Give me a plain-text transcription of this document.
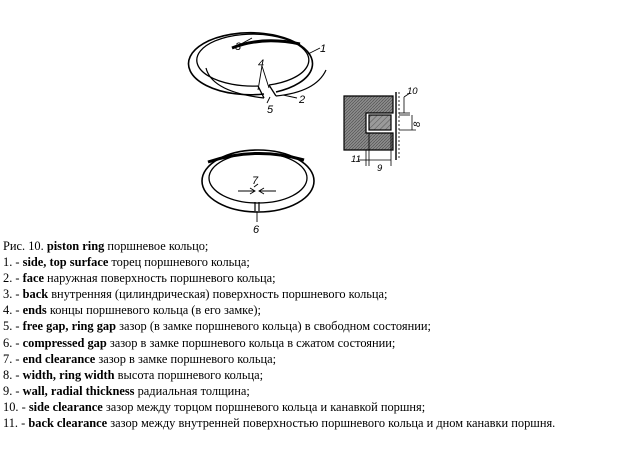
3	1
2
4
5
7
6
10
8
9
11
Рис. 10. piston ring поршневое кольцо;
1. - side, top surface торец поршневого кольца;
2. - face наружная поверхность поршневого кольца;
3. - back внутренняя (цилиндрическая) поверхность поршневого кольца;
4. - ends концы поршневого кольца (в его замке);
5. - free gap, ring gap зазор (в замке поршневого кольца) в свободном состоянии;
6. - compressed gap зазор в замке поршневого кольца в сжатом состоянии;
7. - end clearance зазор в замке поршневого кольца;
8. - width, ring width высота поршневого кольца;
9. - wall, radial thickness радиальная толщина;
10. - side clearance зазор между торцом поршневого кольца и канавкой поршня;
11. - back clearance зазор между внутренней поверхностью поршневого кольца и дном канавки поршня.
